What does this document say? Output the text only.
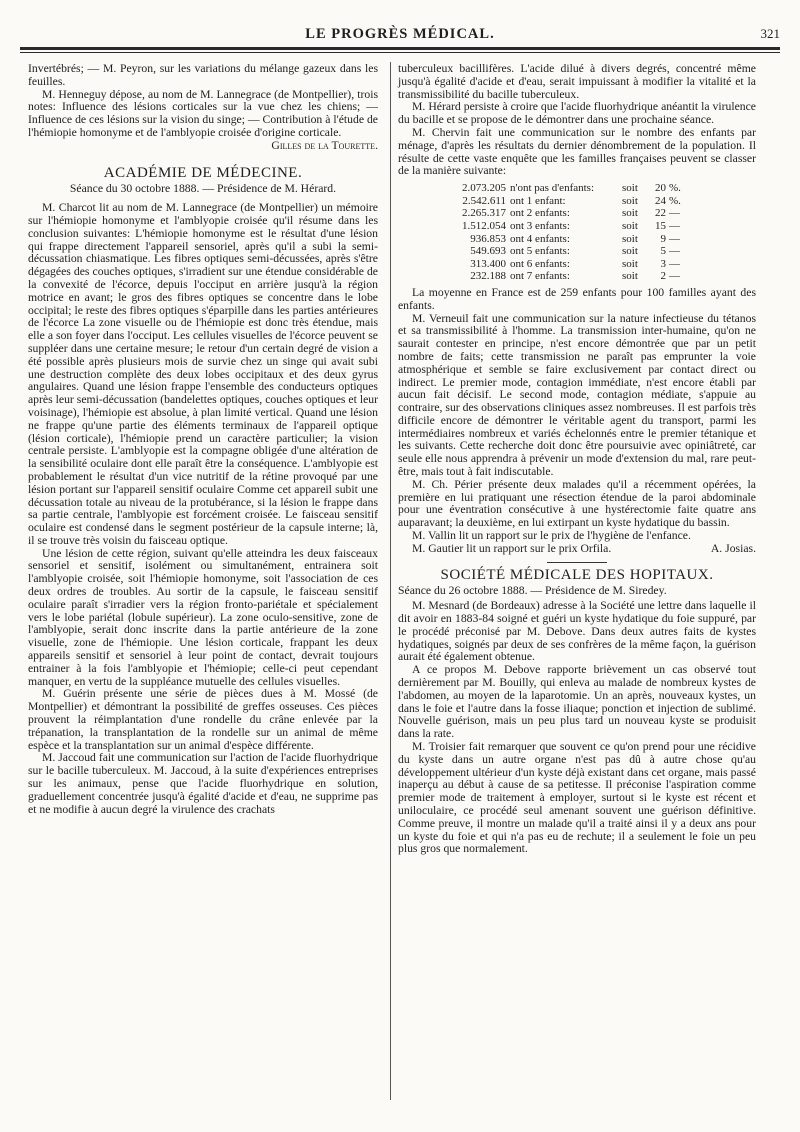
LE PROGRÈS MÉDICAL.	321

Invertébrés; — M. Peyron, sur les variations du mélange gazeux dans les feuilles.

M. Henneguy dépose, au nom de M. Lannegrace (de Montpellier), trois notes: Influence des lésions corticales sur la vue chez les chiens; — Influence de ces lésions sur la vision du singe; — Contribution à l'étude de l'hémiopie homonyme et de l'amblyopie croisée d'origine corticale.

Gilles de la Tourette.

ACADÉMIE DE MÉDECINE.

Séance du 30 octobre 1888. — Présidence de M. Hérard.

M. Charcot lit au nom de M. Lannegrace (de Montpellier) un mémoire sur l'hémiopie homonyme et l'amblyopie croisée qu'il résume dans les conclusion suivantes: L'hémiopie homonyme est le résultat d'une lésion qui frappe directement l'appareil sensoriel, après qu'il a subi la semi-décussation chiasmatique. Les fibres optiques semi-décussées, après s'être dégagées des couches optiques, s'irradient sur une étendue considérable de la convexité de l'écorce, depuis l'occiput en arrière jusqu'à la région motrice en avant; le gros des fibres optiques se concentre dans le lobe occipital; le reste des fibres optiques s'éparpille dans les parties antérieures de l'écorce La zone visuelle ou de l'hémiopie est donc très étendue, mais elle a son foyer dans l'occiput. Les cellules visuelles de l'écorce peuvent se suppléer dans une certaine mesure; le retour d'un certain degré de vision a été possible après plusieurs mois de survie chez un singe qui avait subi une destruction complète des deux lobes occipitaux et des deux gyrus angulaires. Quand une lésion frappe l'ensemble des conducteurs optiques après leur semi-décussation (bandelettes optiques, couches optiques et leur voisinage), l'hémiopie est absolue, à plan limité vertical. Quand une lésion ne frappe qu'une partie des éléments terminaux de l'appareil optique (lésion corticale), l'hémiopie prend un caractère particulier; la vision centrale persiste. L'amblyopie est la compagne obligée d'une altération de la sensibilité oculaire dont elle paraît être la conséquence. L'amblyopie est probablement le résultat d'un vice nutritif de la rétine provoqué par une lésion portant sur l'appareil sensitif oculaire Comme cet appareil subit une décussation totale au niveau de la protubérance, si la lésion le frappe dans sa partie centrale, l'amblyopie est forcément croisée. Le faisceau sensitif oculaire est condensé dans le segment postérieur de la capsule interne; là, il se trouve très voisin du faisceau optique.

Une lésion de cette région, suivant qu'elle atteindra les deux faisceaux sensoriel et sensitif, isolément ou simultanément, entrainera soit l'amblyopie croisée, soit l'hémiopie homonyme, soit l'association de ces deux ordres de troubles. Au sortir de la capsule, le faisceau sensitif oculaire paraît s'irradier vers la région fronto-pariétale et spécialement vers le lobe pariétal (lobule supérieur). La zone oculo-sensitive, zone de l'amblyopie, serait donc inscrite dans la partie antérieure de la zone visuelle, zone de l'hémiopie. Une lésion corticale, frappant les deux appareils sensitif et sensoriel à leur point de contact, devrait toujours entrainer à la fois l'amblyopie et l'hémiopie; celle-ci peut cependant manquer, en vertu de la suppléance mutuelle des cellules visuelles.

M. Guérin présente une série de pièces dues à M. Mossé (de Montpellier) et démontrant la possibilité de greffes osseuses. Ces pièces prouvent la réimplantation d'une rondelle du crâne enlevée par la trépanation, la transplantation de la rondelle sur un animal de même espèce et la transplantation sur un animal d'espèce différente.

M. Jaccoud fait une communication sur l'action de l'acide fluorhydrique sur le bacille tuberculeux. M. Jaccoud, à la suite d'expériences entreprises sur les animaux, pense que l'acide fluorhydrique en solution, graduellement concentrée jusqu'à égalité d'acide et d'eau, ne supprime pas et ne modifie à aucun degré la virulence des crachats

tuberculeux bacillifères. L'acide dilué à divers degrés, concentré même jusqu'à égalité d'acide et d'eau, serait impuissant à modifier la vitalité et la transmissibilité du bacille tuberculeux.

M. Hérard persiste à croire que l'acide fluorhydrique anéantit la virulence du bacille et se propose de le démontrer dans une prochaine séance.

M. Chervin fait une communication sur le nombre des enfants par ménage, d'après les résultats du dernier dénombrement de la population. Il résulte de cette vaste enquête que les familles françaises peuvent se classer de la manière suivante:

2.073.205 n'ont pas d'enfants:	soit	20 %.
2.542.611 ont 1 enfant:	soit	24 %.
2.265.317 ont 2 enfants:	soit	22 —
1.512.054 ont 3 enfants:	soit	15 —
936.853 ont 4 enfants:	soit	9 —
549.693 ont 5 enfants:	soit	5 —
313.400 ont 6 enfants:	soit	3 —
232.188 ont 7 enfants:	soit	2 —

La moyenne en France est de 259 enfants pour 100 familles ayant des enfants.

M. Verneuil fait une communication sur la nature infectieuse du tétanos et sa transmissibilité à l'homme. La transmission inter-humaine, qu'on ne saurait contester en principe, n'est encore démontrée que par un petit nombre de faits; cette transmission ne paraît pas emprunter la voie atmosphérique et semble se faire exclusivement par contact direct ou indirect. Le premier mode, contagion immédiate, n'est encore établi par aucun fait décisif. Le second mode, contagion médiate, s'appuie au contraire, sur des observations cliniques assez nombreuses. Il est parfois très difficile encore de démontrer le véritable agent du transport, parmi les intermédiaires nombreux et variés échelonnés entre le premier tétanique et les suivants. Cette recherche doit donc être poursuivie avec opiniâtreté, car seule elle nous apprendra à prévenir un mode d'extension du mal, rare peut-être, mais tout à fait indiscutable.

M. Ch. Périer présente deux malades qu'il a récemment opérées, la première en lui pratiquant une résection étendue de la paroi abdominale pour une éventration consécutive à une hystérectomie faite quatre ans auparavant; la deuxième, en lui extirpant un kyste hydatique du bassin.

M. Vallin lit un rapport sur le prix de l'hygiène de l'enfance.

M. Gautier lit un rapport sur le prix Orfila.	A. Josias.

SOCIÉTÉ MÉDICALE DES HOPITAUX.

Séance du 26 octobre 1888. — Présidence de M. Siredey.

M. Mesnard (de Bordeaux) adresse à la Société une lettre dans laquelle il dit avoir en 1883-84 soigné et guéri un kyste hydatique du foie suppuré, par le procédé préconisé par M. Debove. Dans deux autres faits de kystes hydatiques, soignés par deux de ses confrères de la même façon, la guérison aurait été également obtenue.

A ce propos M. Debove rapporte brièvement un cas observé tout dernièrement par M. Bouilly, qui enleva au malade de nombreux kystes de l'abdomen, au moyen de la laparotomie. Un an après, nouveaux kystes, un dans le foie et l'autre dans la fosse iliaque; ponction et injection de sublimé. Nouvelle guérison, mais un peu plus tard un nouveau kyste se produisit dans la rate.

M. Troisier fait remarquer que souvent ce qu'on prend pour une récidive du kyste dans un autre organe n'est pas dû à autre chose qu'au développement ultérieur d'un kyste déjà existant dans cet organe, mais passé inaperçu au début à cause de sa petitesse. Il préconise l'aspiration comme premier mode de traitement à employer, surtout si le kyste est récent et uniloculaire, ce procédé seul amenant souvent une guérison définitive. Comme preuve, il montre un malade qu'il a traité ainsi il y a deux ans pour un kyste du foie et qui n'a pas eu de rechute; il a seulement le foie un peu plus gros que normalement.
